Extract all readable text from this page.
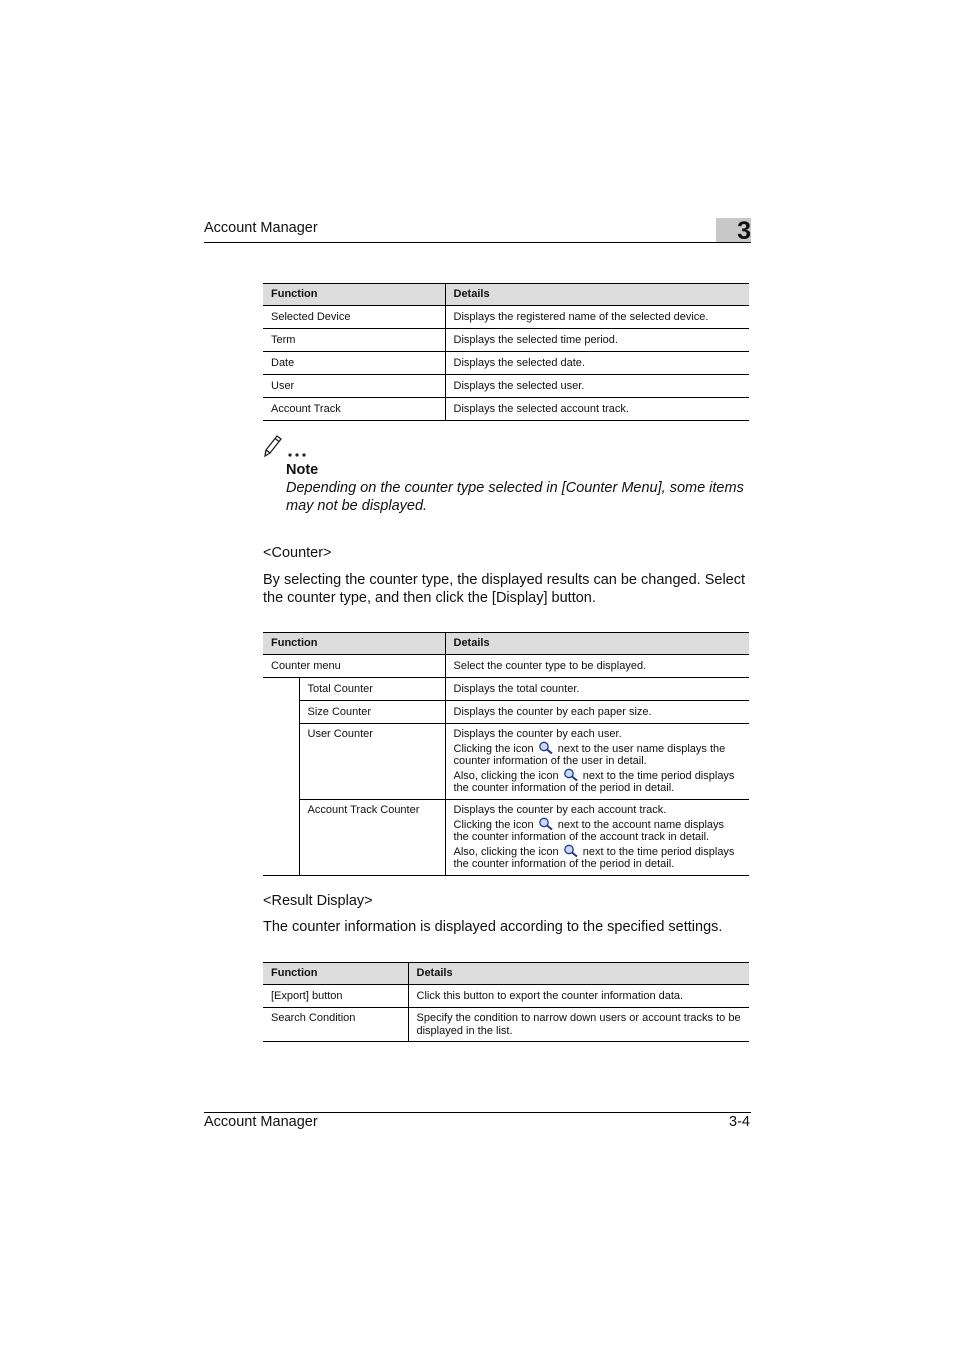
Account Manager	3
Function	Details
Selected Device	Displays the registered name of the selected device.
Term	Displays the selected time period.
Date	Displays the selected date.
User	Displays the selected user.
Account Track	Displays the selected account track.
Note
Depending on the counter type selected in [Counter Menu], some items may not be displayed.
<Counter>
By selecting the counter type, the displayed results can be changed. Select the counter type, and then click the [Display] button.
Function		Details
Counter menu		Select the counter type to be displayed.
	Total Counter	Displays the total counter.
	Size Counter	Displays the counter by each paper size.
	User Counter	Displays the counter by each user.
Clicking the icon next to the user name displays the counter information of the user in detail.
Also, clicking the icon next to the time period displays the counter information of the period in detail.
	Account Track Counter	Displays the counter by each account track.
Clicking the icon next to the account name displays the counter information of the account track in detail.
Also, clicking the icon next to the time period displays the counter information of the period in detail.
<Result Display>
The counter information is displayed according to the specified settings.
Function	Details
[Export] button	Click this button to export the counter information data.
Search Condition	Specify the condition to narrow down users or account tracks to be displayed in the list.
Account Manager	3-4
